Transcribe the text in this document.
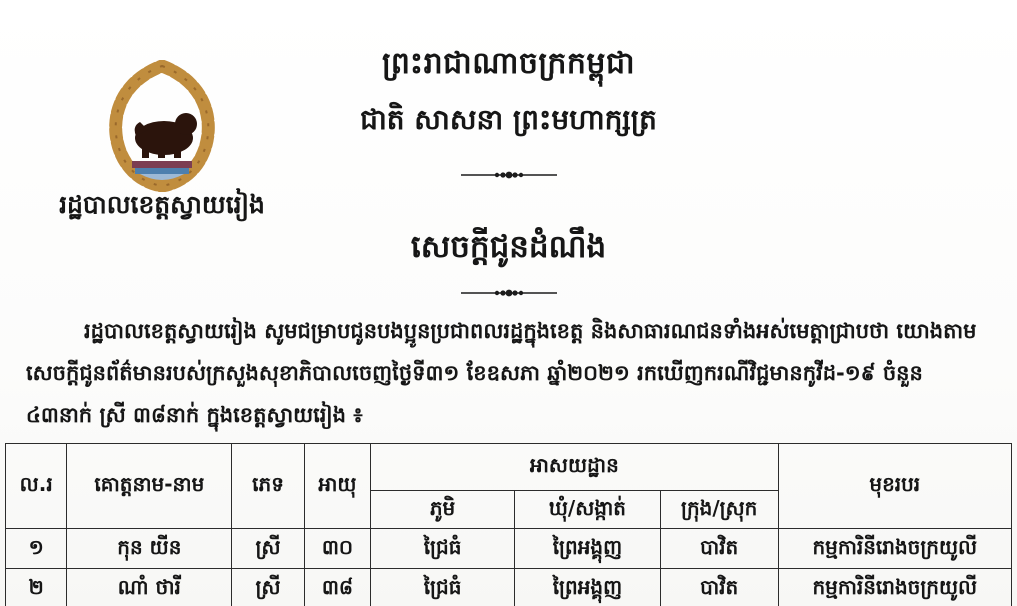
រដ្ឋបាលខេត្តស្វាយរៀង
ព្រះរាជាណាចក្រកម្ពុជា
ជាតិ សាសនា ព្រះមហាក្សត្រ
សេចក្តីជូនដំណឹង
រដ្ឋបាលខេត្តស្វាយរៀង សូមជម្រាបជូនបងប្អូនប្រជាពលរដ្ឋក្នុងខេត្ត និងសាធារណជនទាំងអស់មេត្តាជ្រាបថា យោងតាមសេចក្តីជូនព័ត៌មានរបស់ក្រសួងសុខាភិបាលចេញថ្ងៃទី៣១ ខែឧសភា ឆ្នាំ២០២១ រកឃើញករណីវិជ្ជមានកូវីដ-១៩ ចំនួន ៤៣នាក់ ស្រី ៣៨នាក់ ក្នុងខេត្តស្វាយរៀង ៖
ល.រ	គោត្តនាម-នាម	ភេទ	អាយុ	អាសយដ្ឋាន			មុខរបរ
				ភូមិ	ឃុំ/សង្កាត់	ក្រុង/ស្រុក	
១	កុន យីន	ស្រី	៣០	ជ្រៃធំ	ព្រៃអង្គុញ	បាវិត	កម្មការិនីរោងចក្រយូលី
២	ណាំ ថារី	ស្រី	៣៨	ជ្រៃធំ	ព្រៃអង្គុញ	បាវិត	កម្មការិនីរោងចក្រយូលី
